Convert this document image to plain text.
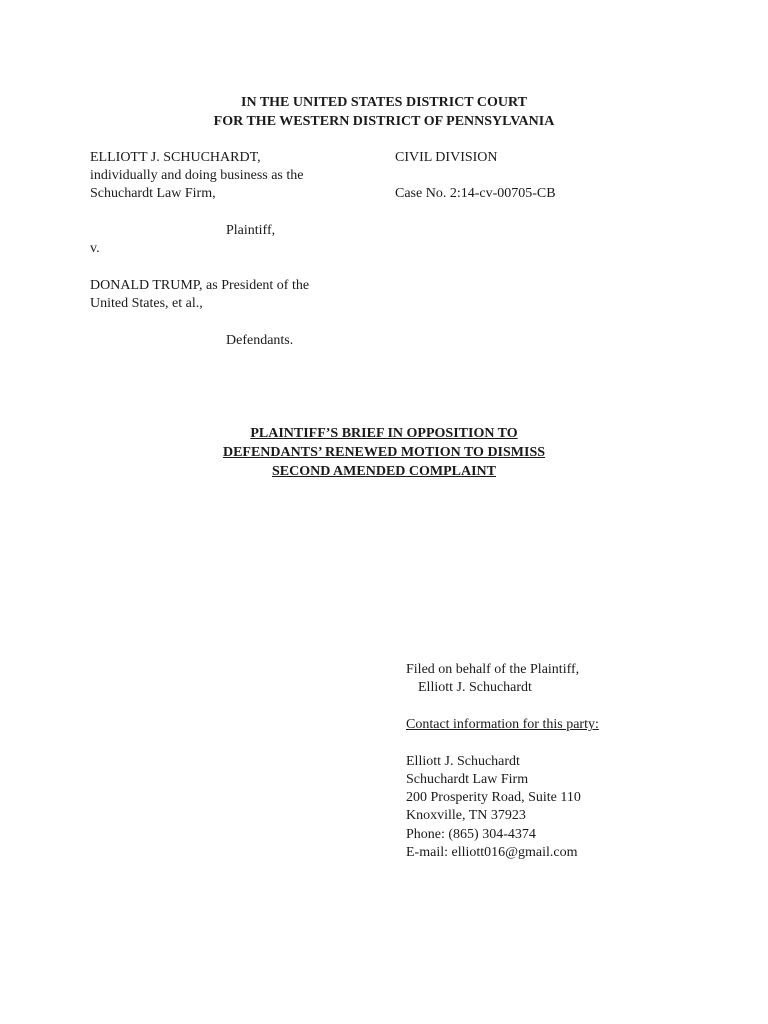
IN THE UNITED STATES DISTRICT COURT
FOR THE WESTERN DISTRICT OF PENNSYLVANIA
ELLIOTT J. SCHUCHARDT,
individually and doing business as the
Schuchardt Law Firm,
Plaintiff,
v.
DONALD TRUMP, as President of the
United States, et al.,
Defendants.
CIVIL DIVISION
Case No. 2:14-cv-00705-CB
PLAINTIFF’S BRIEF IN OPPOSITION TO
DEFENDANTS’ RENEWED MOTION TO DISMISS
SECOND AMENDED COMPLAINT
Filed on behalf of the Plaintiff,
Elliott J. Schuchardt
Contact information for this party:
Elliott J. Schuchardt
Schuchardt Law Firm
200 Prosperity Road, Suite 110
Knoxville, TN 37923
Phone: (865) 304-4374
E-mail: elliott016@gmail.com
